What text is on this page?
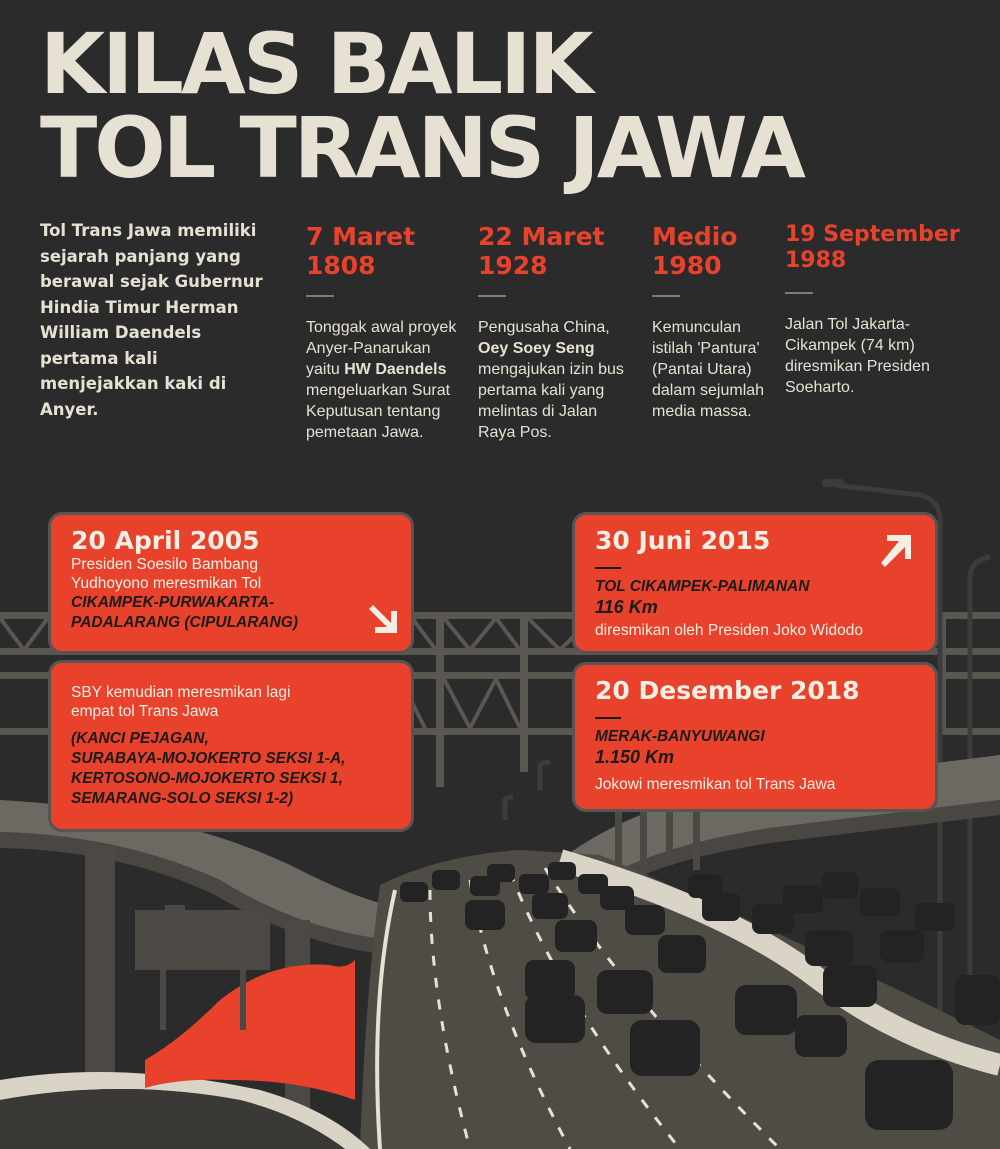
KILAS BALIK
TOL TRANS JAWA
Tol Trans Jawa memiliki sejarah panjang yang berawal sejak Gubernur Hindia Timur Herman William Daendels pertama kali menjejakkan kaki di Anyer.
7 Maret
1808
Tonggak awal proyek Anyer-Panarukan yaitu HW Daendels mengeluarkan Surat Keputusan tentang pemetaan Jawa.
22 Maret
1928
Pengusaha China, Oey Soey Seng mengajukan izin bus pertama kali yang melintas di Jalan Raya Pos.
Medio
1980
Kemunculan istilah 'Pantura' (Pantai Utara) dalam sejumlah media massa.
19 September
1988
Jalan Tol Jakarta-Cikampek (74 km) diresmikan Presiden Soeharto.
20 April 2005
Presiden Soesilo Bambang
Yudhoyono meresmikan Tol
CIKAMPEK-PURWAKARTA-
PADALARANG (CIPULARANG)
SBY kemudian meresmikan lagi
empat tol Trans Jawa
(KANCI PEJAGAN,
SURABAYA-MOJOKERTO SEKSI 1-A,
KERTOSONO-MOJOKERTO SEKSI 1,
SEMARANG-SOLO SEKSI 1-2)
30 Juni 2015
TOL CIKAMPEK-PALIMANAN
116 Km
diresmikan oleh Presiden Joko Widodo
20 Desember 2018
MERAK-BANYUWANGI
1.150 Km
Jokowi meresmikan tol Trans Jawa
